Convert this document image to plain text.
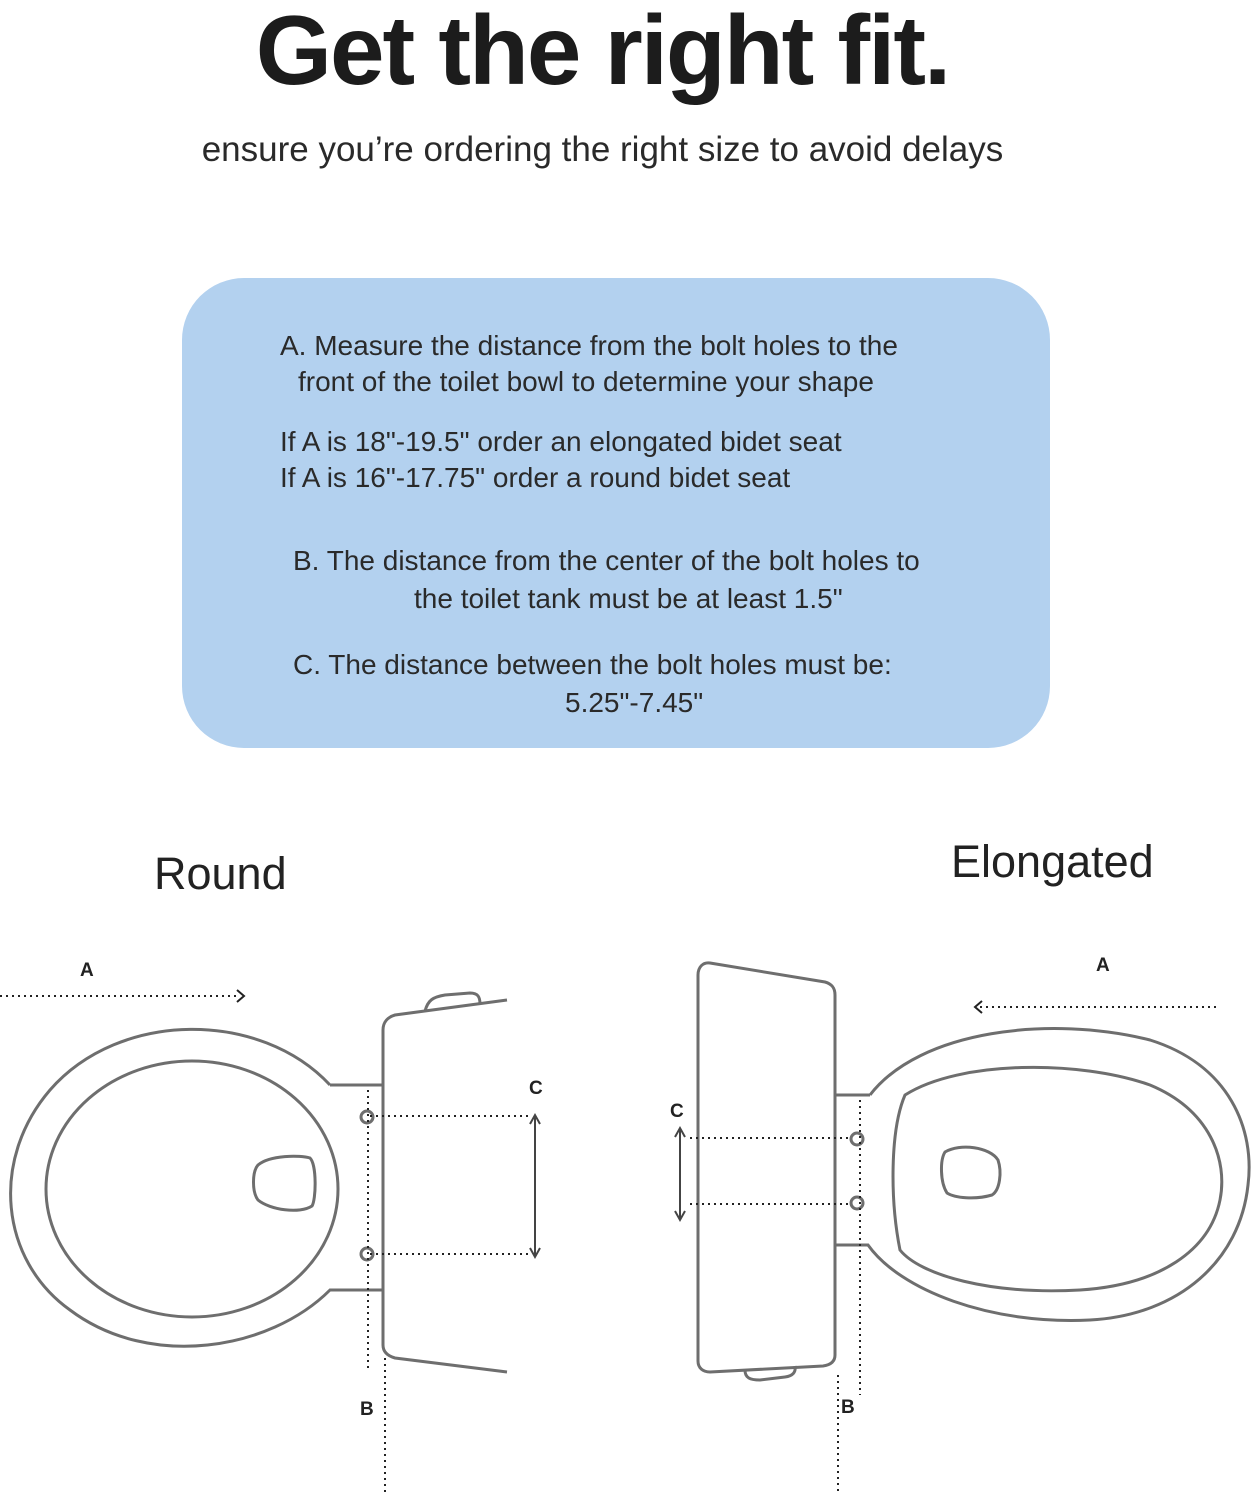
Get the right fit.
ensure you’re ordering the right size to avoid delays

A. Measure the distance from the bolt holes to the

front of the toilet bowl to determine your shape

If A is 18"-19.5" order an elongated bidet seat

If A is 16"-17.75" order a round bidet seat

B. The distance from the center of the bolt holes to

the toilet tank must be at least 1.5"

C. The distance between the bolt holes must be:

5.25"-7.45"

Round	Elongated
A
C
B
A
C
B
